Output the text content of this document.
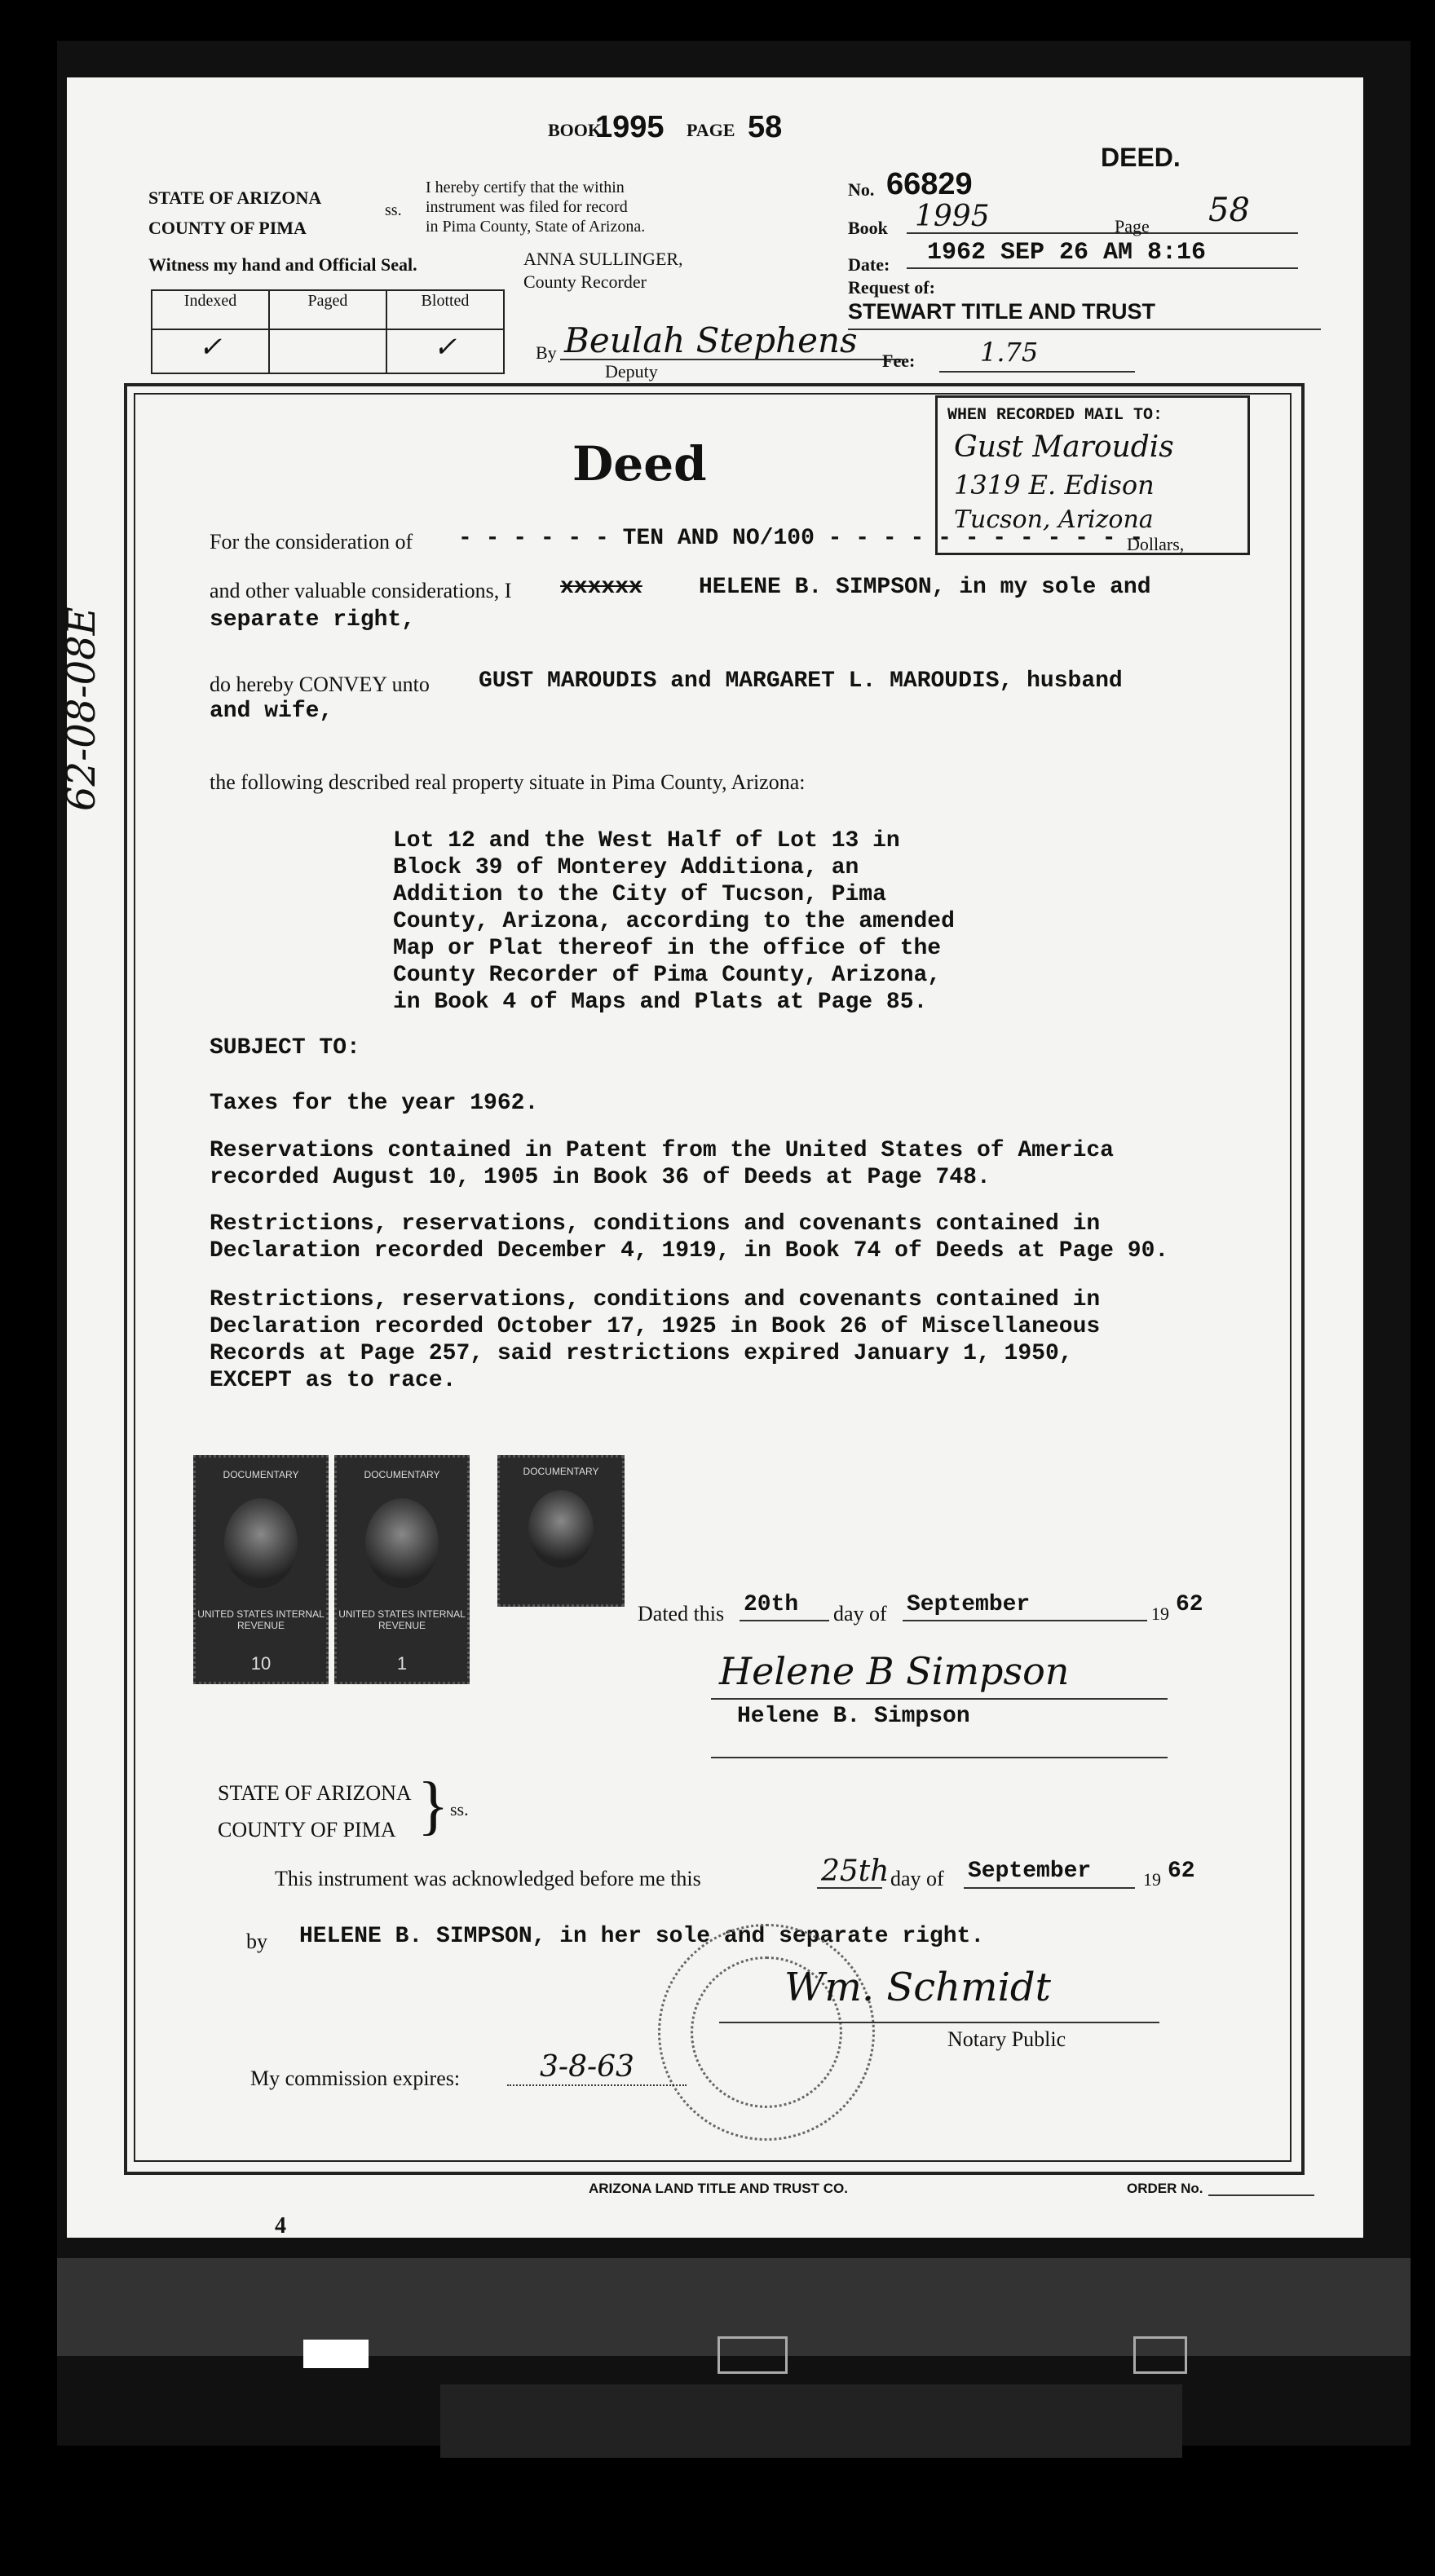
BOOK
1995 PAGE 58
DEED.
STATE OF ARIZONA
COUNTY OF PIMA
ss.
I hereby certify that the within
instrument was filed for record
in Pima County, State of Arizona.
Witness my hand and Official Seal.	ANNA SULLINGER,
County Recorder
Indexed	Paged	Blotted
✓		✓	By Beulah Stephens
Deputy
No. 66829
Book 1995	Page 58
Date: 1962 SEP 26 AM 8:16
Request of:
STEWART TITLE AND TRUST
Fee: 1.75
WHEN RECORDED MAIL TO:
Gust Maroudis
1319 E. Edison
Tucson, Arizona
Deed
For the consideration of - - - - - - TEN AND NO/100 - - - - - - - - - - - -
Dollars,
and other valuable considerations, I xxxxxx HELENE B. SIMPSON, in my sole and
separate right,
do hereby CONVEY unto GUST MAROUDIS and MARGARET L. MAROUDIS, husband
and wife,
the following described real property situate in Pima County, Arizona:
Lot 12 and the West Half of Lot 13 in
Block 39 of Monterey Additiona, an
Addition to the City of Tucson, Pima
County, Arizona, according to the amended
Map or Plat thereof in the office of the
County Recorder of Pima County, Arizona,
in Book 4 of Maps and Plats at Page 85.
SUBJECT TO:
Taxes for the year 1962.
Reservations contained in Patent from the United States of America
recorded August 10, 1905 in Book 36 of Deeds at Page 748.
Restrictions, reservations, conditions and covenants contained in
Declaration recorded December 4, 1919, in Book 74 of Deeds at Page 90.
Restrictions, reservations, conditions and covenants contained in
Declaration recorded October 17, 1925 in Book 26 of Miscellaneous
Records at Page 257, said restrictions expired January 1, 1950,
EXCEPT as to race.
DOCUMENTARY
UNITED STATES INTERNAL REVENUE
10
DOCUMENTARY
UNITED STATES INTERNAL REVENUE
1
DOCUMENTARY
Dated this 20th day of September	19 62
Helene B Simpson
Helene B. Simpson
STATE OF ARIZONA
COUNTY OF PIMA } ss.
This instrument was acknowledged before me this	25th day of September	19 62
by HELENE B. SIMPSON, in her sole and separate right.
Wm. Schmidt
Notary Public
My commission expires:	3-8-63
ARIZONA LAND TITLE AND TRUST CO.	ORDER No.
4
62-08-08E
